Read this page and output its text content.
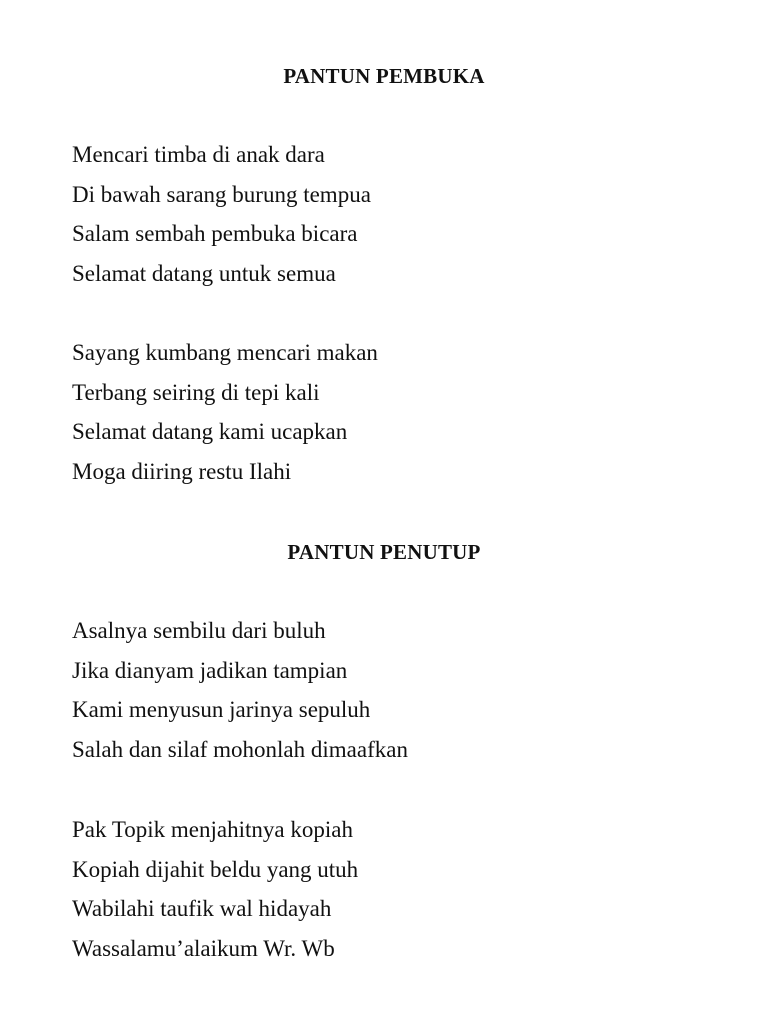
PANTUN PEMBUKA
Mencari timba di anak dara
Di bawah sarang burung tempua
Salam sembah pembuka bicara
Selamat datang untuk semua
Sayang kumbang mencari makan
Terbang seiring di tepi kali
Selamat datang kami ucapkan
Moga diiring restu Ilahi
PANTUN PENUTUP
Asalnya sembilu dari buluh
Jika dianyam jadikan tampian
Kami menyusun jarinya sepuluh
Salah dan silaf mohonlah dimaafkan
Pak Topik menjahitnya kopiah
Kopiah dijahit beldu yang utuh
Wabilahi taufik wal hidayah
Wassalamu’alaikum Wr. Wb
